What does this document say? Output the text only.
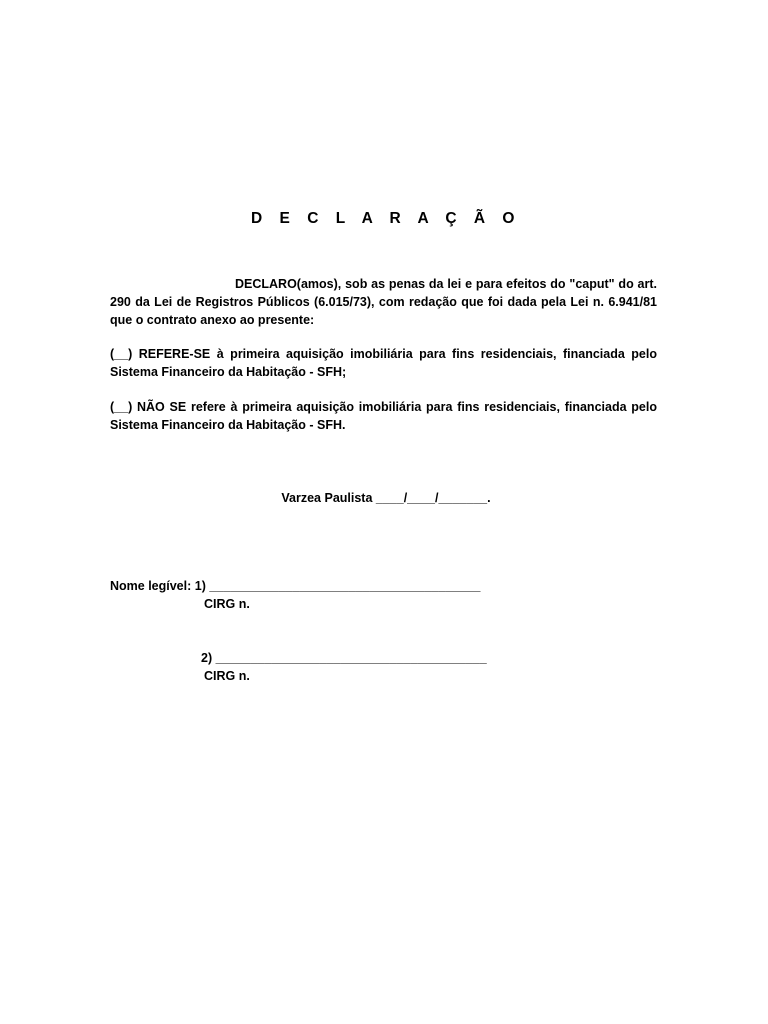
D E C L A R A Ç Ã O
DECLARO(amos), sob as penas da lei e para efeitos do "caput" do art. 290 da Lei de Registros Públicos (6.015/73), com redação que foi dada pela Lei n. 6.941/81 que o contrato anexo ao presente:
(__) REFERE-SE à primeira aquisição imobiliária para fins residenciais, financiada pelo Sistema Financeiro da Habitação - SFH;
(__) NÃO SE refere à primeira aquisição imobiliária para fins residenciais, financiada pelo Sistema Financeiro da Habitação - SFH.
Varzea Paulista ____/____/_______.
Nome legível: 1) _______________________________________
CIRG n.
2) _______________________________________
CIRG n.
